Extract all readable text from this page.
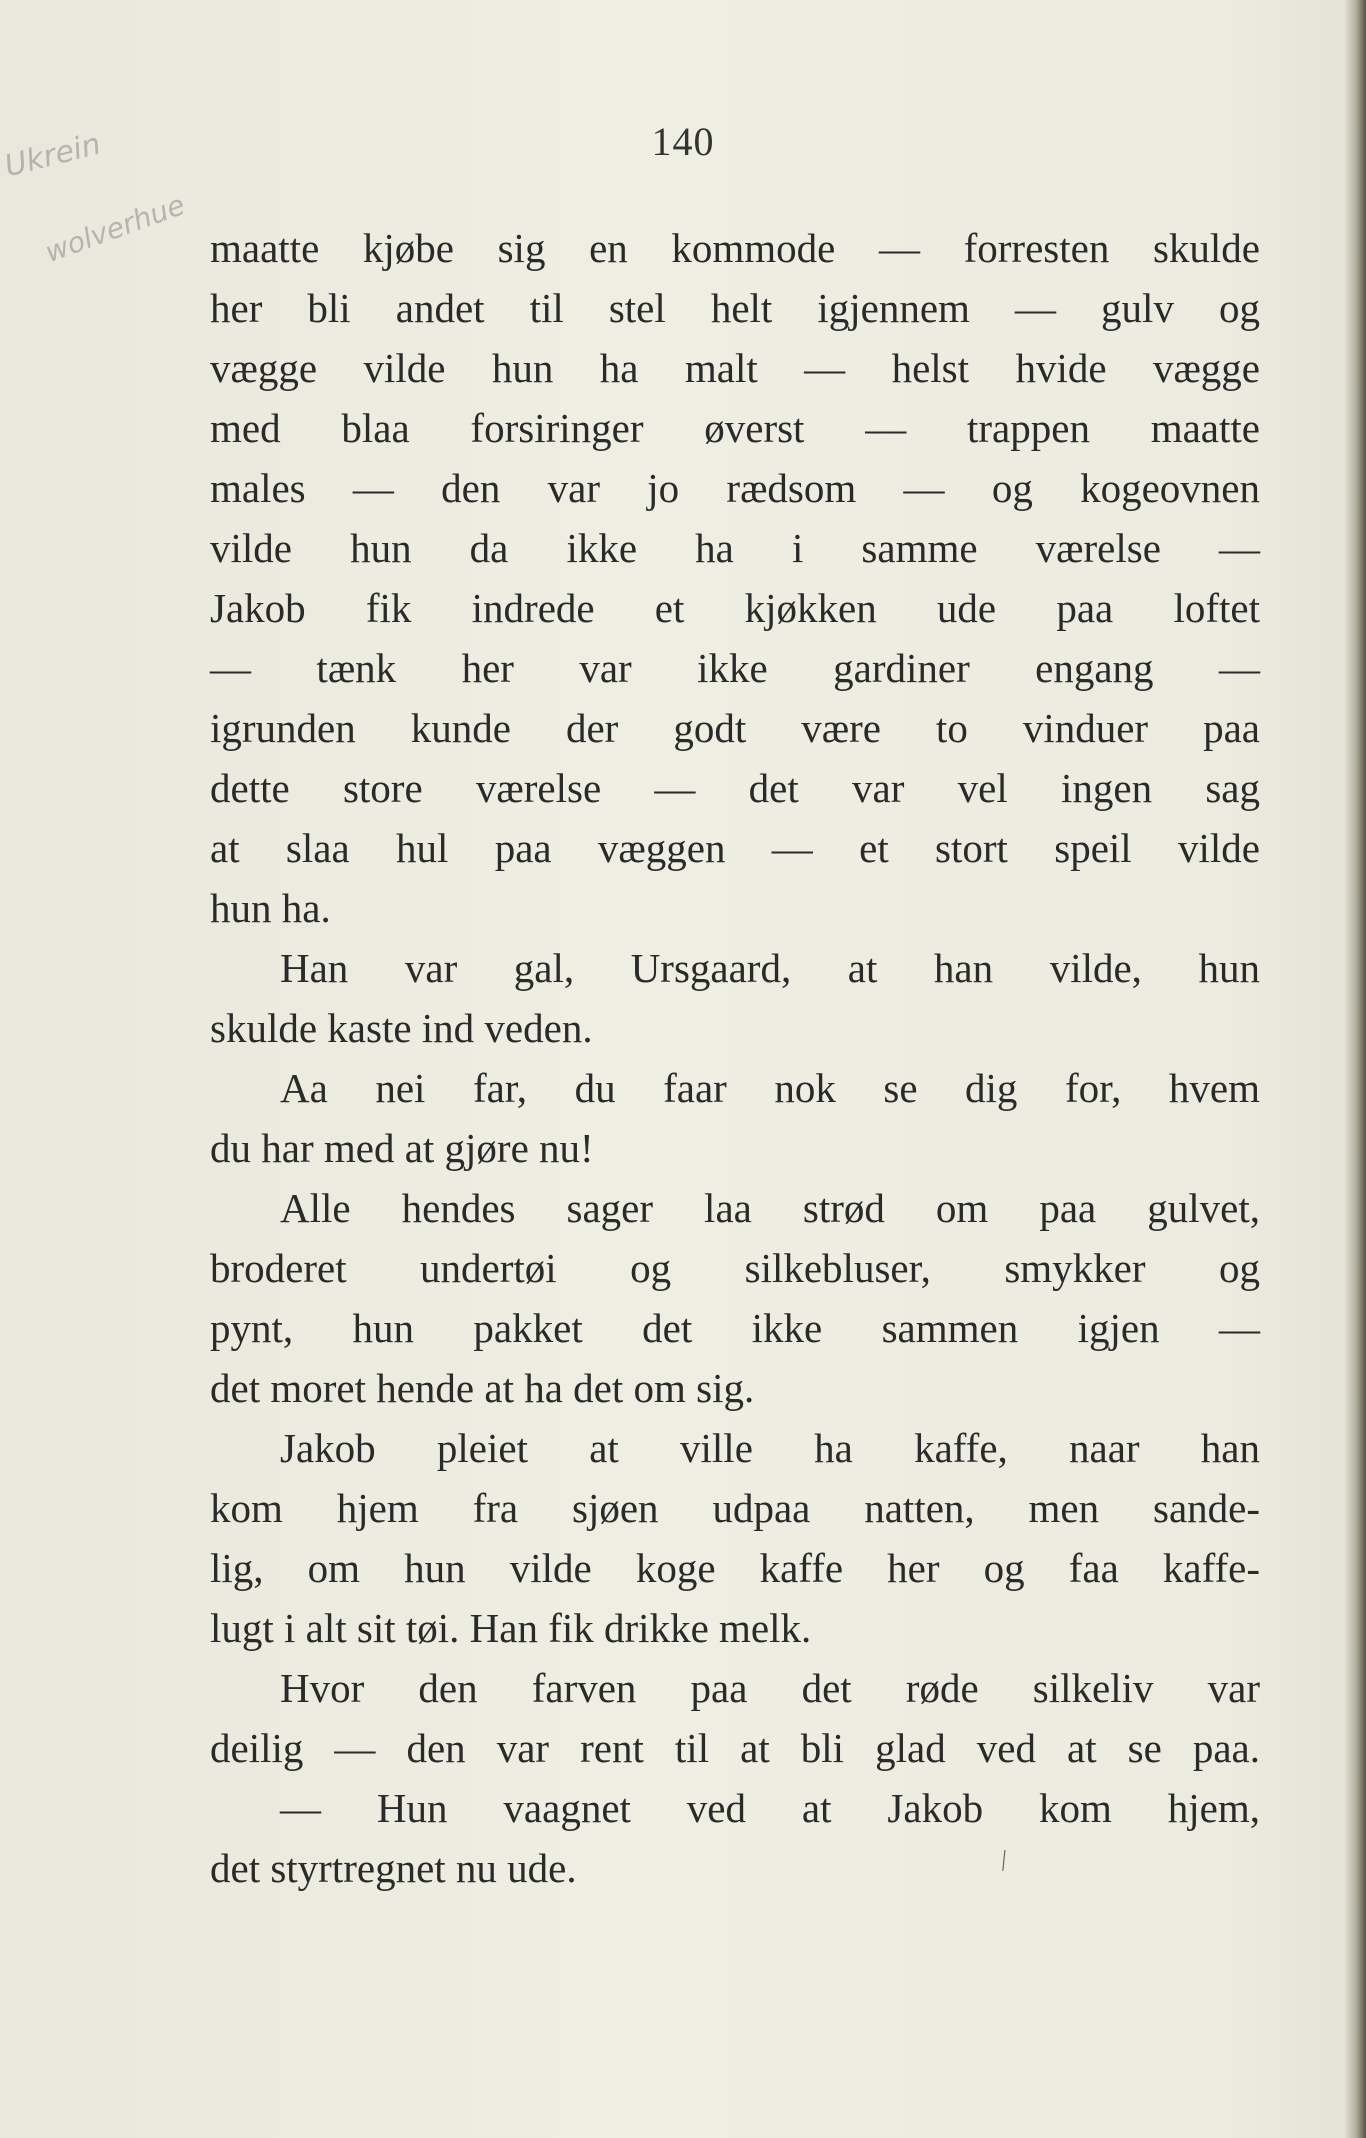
Ukrein
wolverhue
140
maatte kjøbe sig en kommode — forresten skulde
her bli andet til stel helt igjennem — gulv og
vægge vilde hun ha malt — helst hvide vægge
med blaa forsiringer øverst — trappen maatte
males — den var jo rædsom — og kogeovnen
vilde hun da ikke ha i samme værelse —
Jakob fik indrede et kjøkken ude paa loftet
— tænk her var ikke gardiner engang —
igrunden kunde der godt være to vinduer paa
dette store værelse — det var vel ingen sag
at slaa hul paa væggen — et stort speil vilde
hun ha.
Han var gal, Ursgaard, at han vilde, hun
skulde kaste ind veden.
Aa nei far, du faar nok se dig for, hvem
du har med at gjøre nu!
Alle hendes sager laa strød om paa gulvet,
broderet undertøi og silkebluser, smykker og
pynt, hun pakket det ikke sammen igjen —
det moret hende at ha det om sig.
Jakob pleiet at ville ha kaffe, naar han
kom hjem fra sjøen udpaa natten, men sande-
lig, om hun vilde koge kaffe her og faa kaffe-
lugt i alt sit tøi. Han fik drikke melk.
Hvor den farven paa det røde silkeliv var
deilig — den var rent til at bli glad ved at se paa.
— Hun vaagnet ved at Jakob kom hjem,
det styrtregnet nu ude.	⁄
